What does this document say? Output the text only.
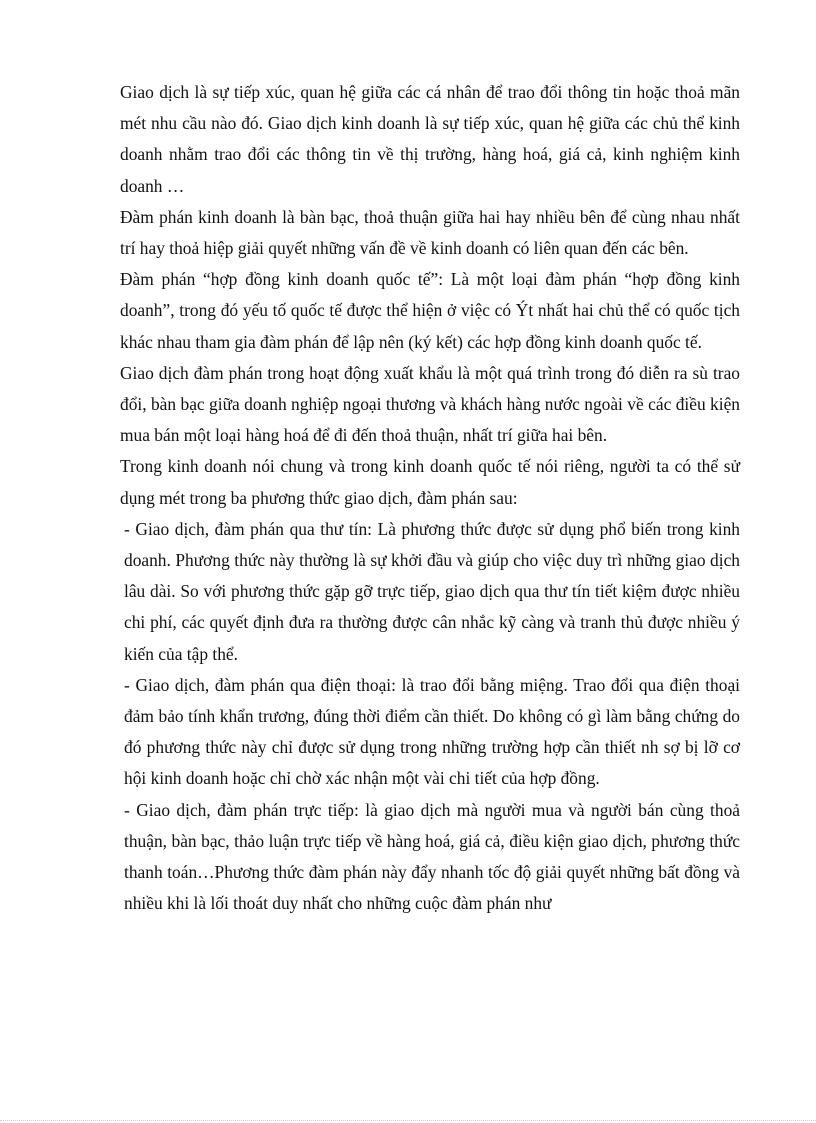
Giao dịch là sự tiếp xúc, quan hệ giữa các cá nhân để trao đổi thông tin hoặc thoả mãn mét nhu cầu nào đó. Giao dịch kinh doanh là sự tiếp xúc, quan hệ giữa các chủ thể kinh doanh nhằm trao đổi các thông tin về thị trường, hàng hoá, giá cả, kinh nghiệm kinh doanh …

Đàm phán kinh doanh là bàn bạc, thoả thuận giữa hai hay nhiều bên để cùng nhau nhất trí hay thoả hiệp giải quyết những vấn đề về kinh doanh có liên quan đến các bên.

Đàm phán “hợp đồng kinh doanh quốc tế”: Là một loại đàm phán “hợp đồng kinh doanh”, trong đó yếu tố quốc tế được thể hiện ở việc có Ýt nhất hai chủ thể có quốc tịch khác nhau tham gia đàm phán để lập nên (ký kết) các hợp đồng kinh doanh quốc tế.

Giao dịch đàm phán trong hoạt động xuất khẩu là một quá trình trong đó diễn ra sù trao đổi, bàn bạc giữa doanh nghiệp ngoại thương và khách hàng nước ngoài về các điều kiện mua bán một loại hàng hoá để đi đến thoả thuận, nhất trí giữa hai bên.

Trong kinh doanh nói chung và trong kinh doanh quốc tế nói riêng, người ta có thể sử dụng mét trong ba phương thức giao dịch, đàm phán sau:

- Giao dịch, đàm phán qua thư tín: Là phương thức được sử dụng phổ biến trong kinh doanh. Phương thức này thường là sự khởi đầu và giúp cho việc duy trì những giao dịch lâu dài. So với phương thức gặp gỡ trực tiếp, giao dịch qua thư tín tiết kiệm được nhiều chi phí, các quyết định đưa ra thường được cân nhắc kỹ càng và tranh thủ được nhiều ý kiến của tập thể.

- Giao dịch, đàm phán qua điện thoại: là trao đổi bằng miệng. Trao đổi qua điện thoại đảm bảo tính khẩn trương, đúng thời điểm cần thiết. Do không có gì làm bằng chứng do đó phương thức này chỉ được sử dụng trong những trường hợp cần thiết nh sợ bị lỡ cơ hội kinh doanh hoặc chỉ chờ xác nhận một vài chi tiết của hợp đồng.

- Giao dịch, đàm phán trực tiếp: là giao dịch mà người mua và người bán cùng thoả thuận, bàn bạc, thảo luận trực tiếp về hàng hoá, giá cả, điều kiện giao dịch, phương thức thanh toán…Phương thức đàm phán này đẩy nhanh tốc độ giải quyết những bất đồng và nhiều khi là lối thoát duy nhất cho những cuộc đàm phán như
